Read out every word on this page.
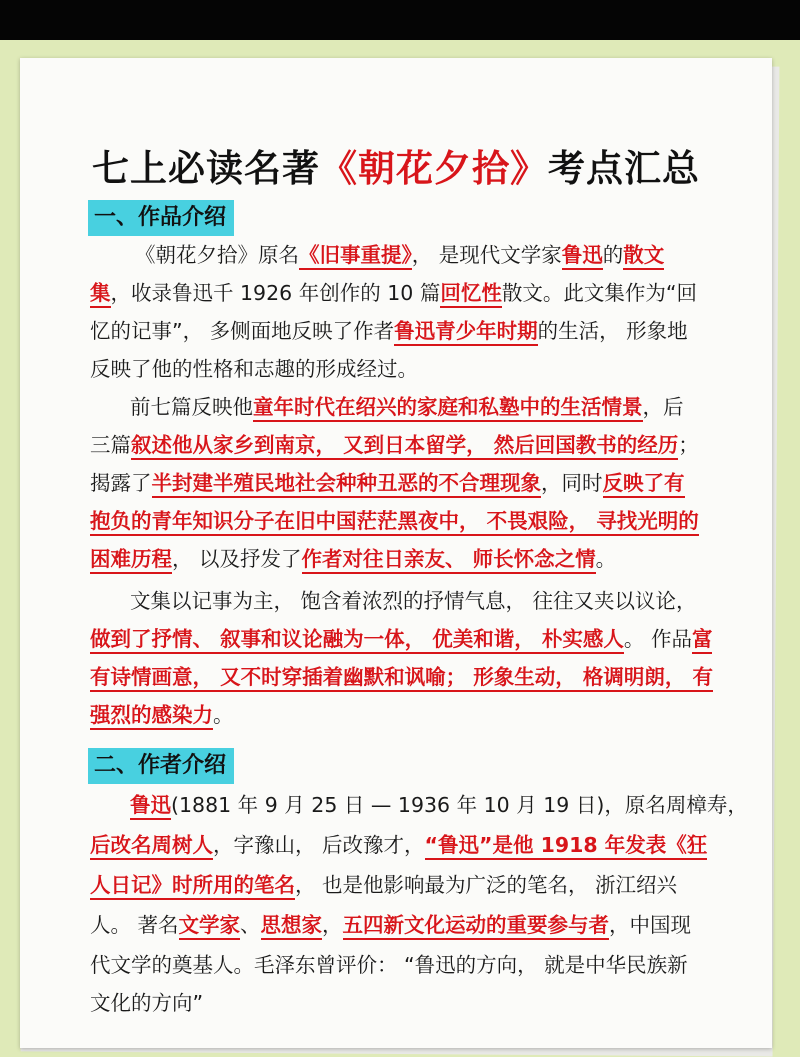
七上必读名著《朝花夕拾》考点汇总
一、作品介绍
《朝花夕拾》原名《旧事重提》， 是现代文学家鲁迅的散文
集，收录鲁迅千 1926 年创作的 10 篇回忆性散文。此文集作为“回
忆的记事”， 多侧面地反映了作者鲁迅青少年时期的生活， 形象地
反映了他的性格和志趣的形成经过。
前七篇反映他童年时代在绍兴的家庭和私塾中的生活情景，后
三篇叙述他从家乡到南京， 又到日本留学， 然后回国教书的经历；
揭露了半封建半殖民地社会种种丑恶的不合理现象，同时反映了有
抱负的青年知识分子在旧中国茫茫黑夜中， 不畏艰险， 寻找光明的
困难历程， 以及抒发了作者对往日亲友、 师长怀念之情。
文集以记事为主， 饱含着浓烈的抒情气息， 往往又夹以议论，
做到了抒情、 叙事和议论融为一体， 优美和谐， 朴实感人。 作品富
有诗情画意， 又不时穿插着幽默和讽喻； 形象生动， 格调明朗， 有
强烈的感染力。
二、作者介绍
鲁迅(1881 年 9 月 25 日 — 1936 年 10 月 19 日)，原名周樟寿，
后改名周树人，字豫山， 后改豫才，“鲁迅”是他 1918 年发表《狂
人日记》时所用的笔名， 也是他影响最为广泛的笔名， 浙江绍兴
人。 著名文学家、思想家，五四新文化运动的重要参与者，中国现
代文学的奠基人。毛泽东曾评价： “鲁迅的方向， 就是中华民族新
文化的方向”
